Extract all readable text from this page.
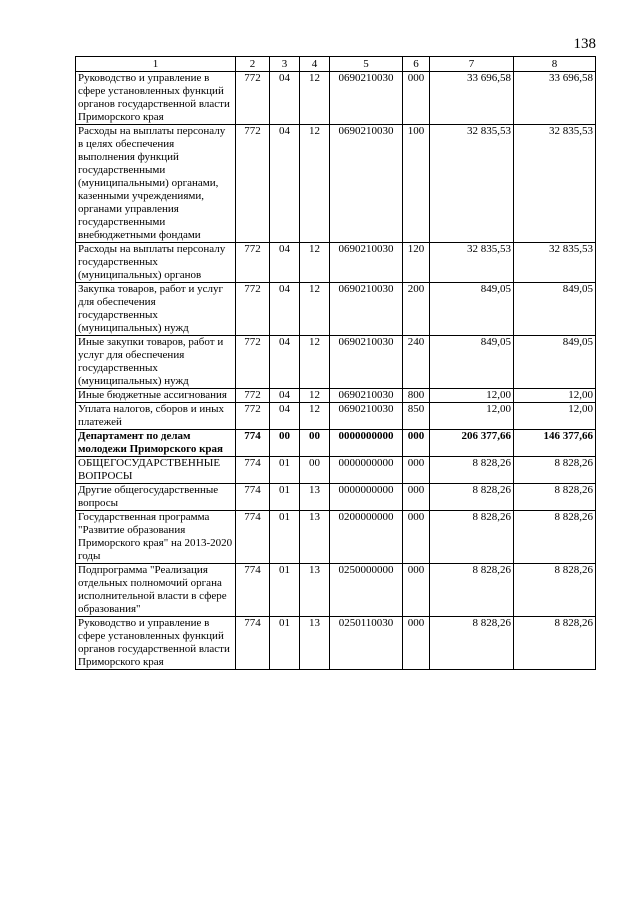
138
1	2	3	4	5	6	7	8
Руководство и управление в сфере установленных функций органов государственной власти Приморского края	772	04	12	0690210030	000	33 696,58	33 696,58
Расходы на выплаты персоналу в целях обеспечения выполнения функций государственными (муниципальными) органами, казенными учреждениями, органами управления государственными внебюджетными фондами	772	04	12	0690210030	100	32 835,53	32 835,53
Расходы на выплаты персоналу государственных (муниципальных) органов	772	04	12	0690210030	120	32 835,53	32 835,53
Закупка товаров, работ и услуг для обеспечения государственных (муниципальных) нужд	772	04	12	0690210030	200	849,05	849,05
Иные закупки товаров, работ и услуг для обеспечения государственных (муниципальных) нужд	772	04	12	0690210030	240	849,05	849,05
Иные бюджетные ассигнования	772	04	12	0690210030	800	12,00	12,00
Уплата налогов, сборов и иных платежей	772	04	12	0690210030	850	12,00	12,00
Департамент по делам молодежи Приморского края	774	00	00	0000000000	000	206 377,66	146 377,66
ОБЩЕГОСУДАРСТВЕННЫЕ ВОПРОСЫ	774	01	00	0000000000	000	8 828,26	8 828,26
Другие общегосударственные вопросы	774	01	13	0000000000	000	8 828,26	8 828,26
Государственная программа "Развитие образования Приморского края" на 2013-2020 годы	774	01	13	0200000000	000	8 828,26	8 828,26
Подпрограмма "Реализация отдельных полномочий органа исполнительной власти в сфере образования"	774	01	13	0250000000	000	8 828,26	8 828,26
Руководство и управление в сфере установленных функций органов государственной власти Приморского края	774	01	13	0250110030	000	8 828,26	8 828,26
